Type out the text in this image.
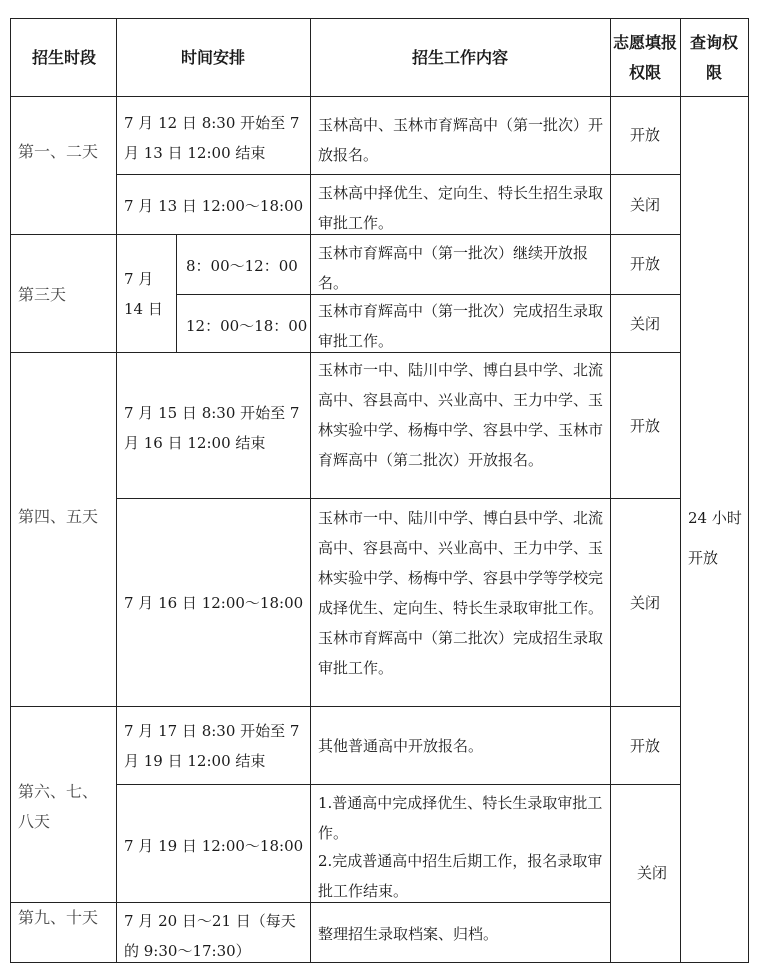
招生时段	时间安排	招生工作内容
志愿填报权限
查询权限
第一、二天
第三天
第四、五天
第六、七、八天
第九、十天
7 月 12 日 8:30 开始至 7 月 13 日 12:00 结束
7 月 13 日 12:00～18:00
7 月 14 日
8：00～12：00
12：00～18：00
7 月 15 日 8:30 开始至 7 月 16 日 12:00 结束
7 月 16 日 12:00～18:00
7 月 17 日 8:30 开始至 7 月 19 日 12:00 结束
7 月 19 日 12:00～18:00
7 月 20 日～21 日（每天的 9:30～17:30）
玉林高中、玉林市育辉高中（第一批次）开放报名。
玉林高中择优生、定向生、特长生招生录取审批工作。
玉林市育辉高中（第一批次）继续开放报名。
玉林市育辉高中（第一批次）完成招生录取审批工作。
玉林市一中、陆川中学、博白县中学、北流高中、容县高中、兴业高中、王力中学、玉林实验中学、杨梅中学、容县中学、玉林市育辉高中（第二批次）开放报名。
玉林市一中、陆川中学、博白县中学、北流高中、容县高中、兴业高中、王力中学、玉林实验中学、杨梅中学、容县中学等学校完成择优生、定向生、特长生录取审批工作。玉林市育辉高中（第二批次）完成招生录取审批工作。
其他普通高中开放报名。
1.普通高中完成择优生、特长生录取审批工作。
2.完成普通高中招生后期工作，报名录取审批工作结束。
整理招生录取档案、归档。
开放
关闭
开放
关闭
开放
关闭
开放
关闭
24 小时开放
